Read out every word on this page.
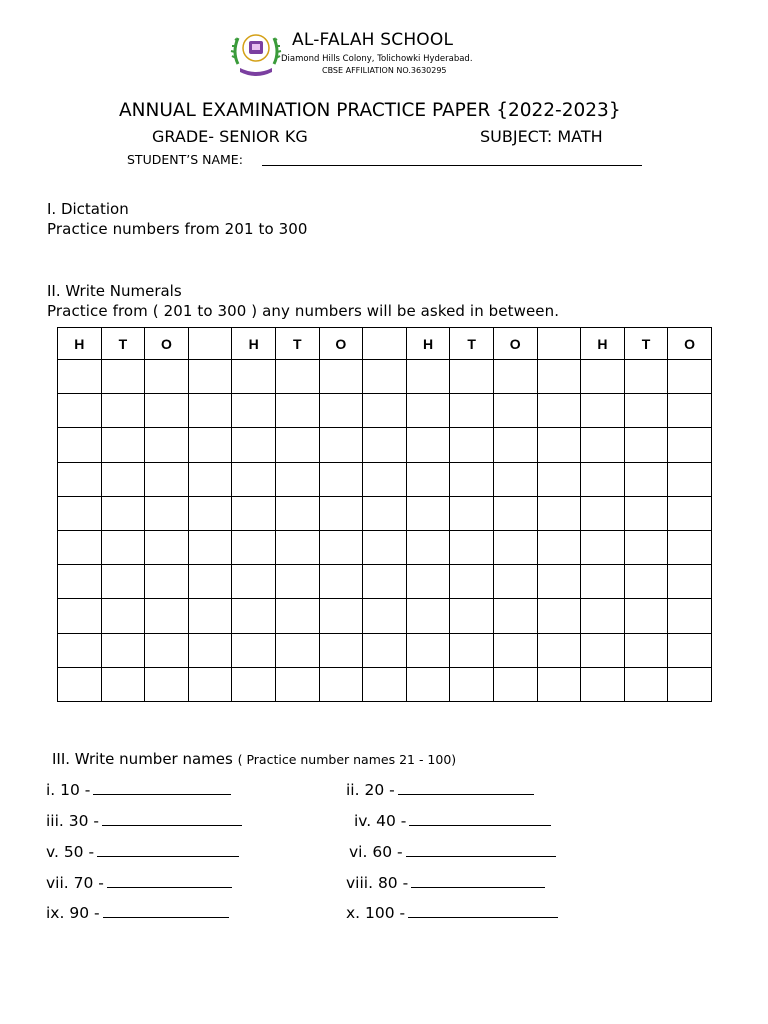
AL-FALAH SCHOOL
Diamond Hills Colony, Tolichowki Hyderabad.
CBSE AFFILIATION NO.3630295
ANNUAL EXAMINATION PRACTICE PAPER {2022-2023}
GRADE- SENIOR KG	SUBJECT: MATH
STUDENT’S NAME:
I. Dictation
Practice numbers from 201 to 300
II. Write Numerals
Practice from ( 201 to 300 ) any numbers will be asked in between.
H	T	O		H	T	O		H	T	O		H	T	O

III. Write number names ( Practice number names 21 - 100)
i. 10 -	ii. 20 -
iii. 30 -	iv. 40 -
v. 50 -	vi. 60 -
vii. 70 -	viii. 80 -
ix. 90 -	x. 100 -
